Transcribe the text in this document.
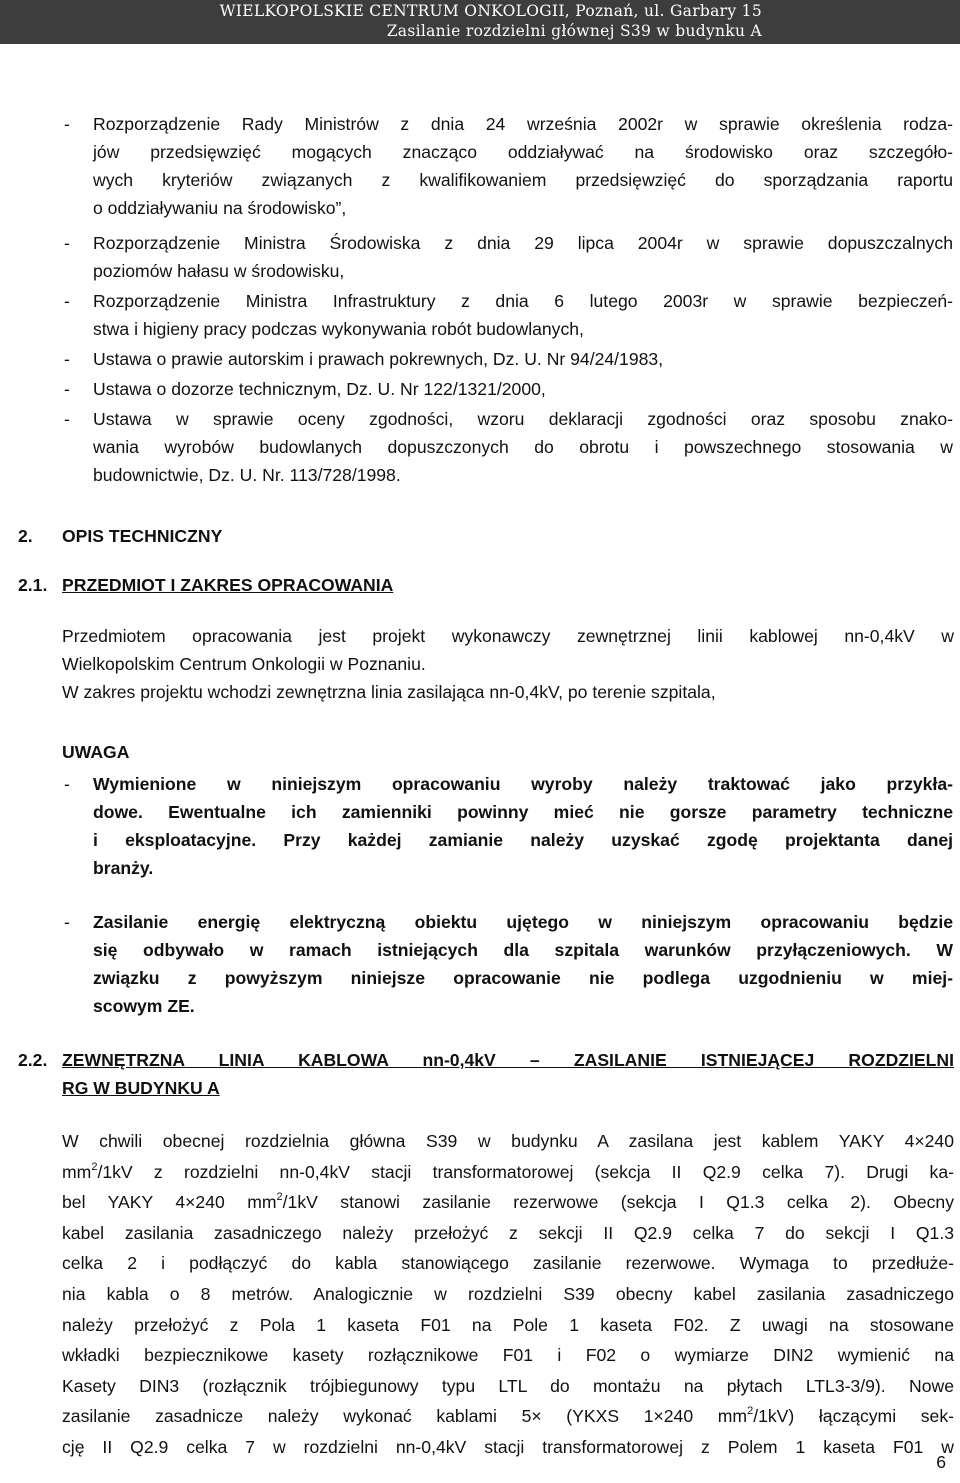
WIELKOPOLSKIE CENTRUM ONKOLOGII, Poznań, ul. Garbary 15
Zasilanie rozdzielni głównej S39 w budynku A
- Rozporządzenie Rady Ministrów z dnia 24 września 2002r w sprawie określenia rodza-
jów przedsięwzięć mogących znacząco oddziaływać na środowisko oraz szczegóło-
wych kryteriów związanych z kwalifikowaniem przedsięwzięć do sporządzania raportu
o oddziaływaniu na środowisko”,
- Rozporządzenie Ministra Środowiska z dnia 29 lipca 2004r w sprawie dopuszczalnych
poziomów hałasu w środowisku,
- Rozporządzenie Ministra Infrastruktury z dnia 6 lutego 2003r w sprawie bezpieczeń-
stwa i higieny pracy podczas wykonywania robót budowlanych,
- Ustawa o prawie autorskim i prawach pokrewnych, Dz. U. Nr 94/24/1983,
- Ustawa o dozorze technicznym, Dz. U. Nr 122/1321/2000,
- Ustawa w sprawie oceny zgodności, wzoru deklaracji zgodności oraz sposobu znako-
wania wyrobów budowlanych dopuszczonych do obrotu i powszechnego stosowania w
budownictwie, Dz. U. Nr. 113/728/1998.
2. OPIS TECHNICZNY
2.1. PRZEDMIOT I ZAKRES OPRACOWANIA
Przedmiotem opracowania jest projekt wykonawczy zewnętrznej linii kablowej nn-0,4kV w
Wielkopolskim Centrum Onkologii w Poznaniu.
W zakres projektu wchodzi zewnętrzna linia zasilająca nn-0,4kV, po terenie szpitala,
UWAGA
- Wymienione w niniejszym opracowaniu wyroby należy traktować jako przykła-
dowe. Ewentualne ich zamienniki powinny mieć nie gorsze parametry techniczne
i eksploatacyjne. Przy każdej zamianie należy uzyskać zgodę projektanta danej
branży.
- Zasilanie energię elektryczną obiektu ujętego w niniejszym opracowaniu będzie
się odbywało w ramach istniejących dla szpitala warunków przyłączeniowych. W
związku z powyższym niniejsze opracowanie nie podlega uzgodnieniu w miej-
scowym ZE.
2.2. ZEWNĘTRZNA LINIA KABLOWA nn-0,4kV – ZASILANIE ISTNIEJĄCEJ ROZDZIELNI
RG W BUDYNKU A
W chwili obecnej rozdzielnia główna S39 w budynku A zasilana jest kablem YAKY 4×240
$mm^2/1kV$ z rozdzielni nn-0,4kV stacji transformatorowej (sekcja II Q2.9 celka 7). Drugi ka-
bel YAKY 4×240 $mm^2/1kV$ stanowi zasilanie rezerwowe (sekcja I Q1.3 celka 2). Obecny
kabel zasilania zasadniczego należy przełożyć z sekcji II Q2.9 celka 7 do sekcji I Q1.3
celka 2 i podłączyć do kabla stanowiącego zasilanie rezerwowe. Wymaga to przedłuże-
nia kabla o 8 metrów. Analogicznie w rozdzielni S39 obecny kabel zasilania zasadniczego
należy przełożyć z Pola 1 kaseta F01 na Pole 1 kaseta F02. Z uwagi na stosowane
wkładki bezpiecznikowe kasety rozłącznikowe F01 i F02 o wymiarze DIN2 wymienić na
Kasety DIN3 (rozłącznik trójbiegunowy typu LTL do montażu na płytach LTL3-3/9). Nowe
zasilanie zasadnicze należy wykonać kablami 5× (YKXS 1×240 $mm^2/1kV$) łączącymi sek-
cję II Q2.9 celka 7 w rozdzielni nn-0,4kV stacji transformatorowej z Polem 1 kaseta F01 w
6
